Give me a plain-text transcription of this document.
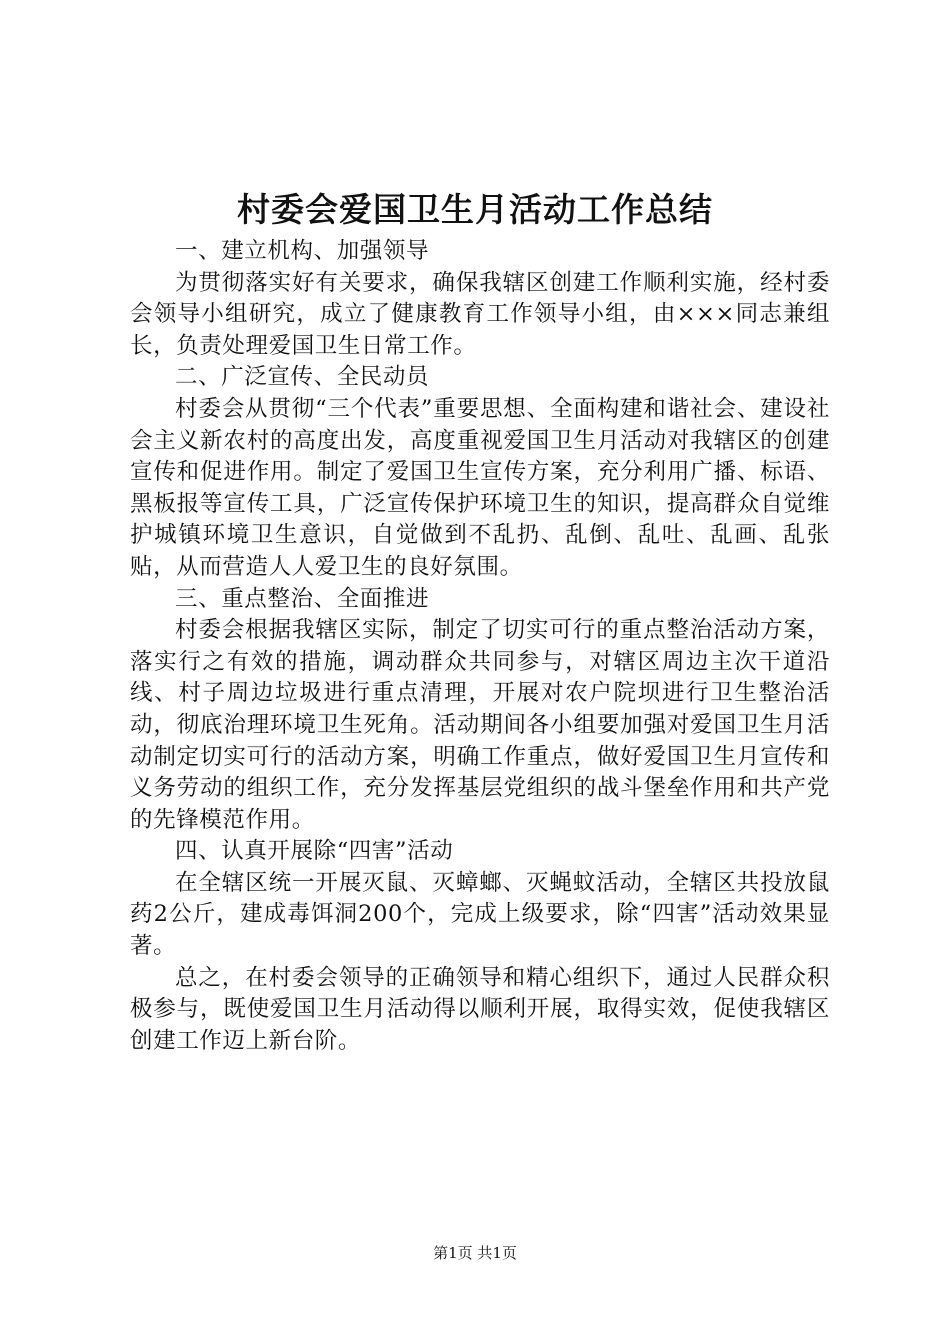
村委会爱国卫生月活动工作总结

一、建立机构、加强领导

为贯彻落实好有关要求，确保我辖区创建工作顺利实施，经村委会领导小组研究，成立了健康教育工作领导小组，由×××同志兼组长，负责处理爱国卫生日常工作。

二、广泛宣传、全民动员

村委会从贯彻“三个代表”重要思想、全面构建和谐社会、建设社会主义新农村的高度出发，高度重视爱国卫生月活动对我辖区的创建宣传和促进作用。制定了爱国卫生宣传方案，充分利用广播、标语、黑板报等宣传工具，广泛宣传保护环境卫生的知识，提高群众自觉维护城镇环境卫生意识，自觉做到不乱扔、乱倒、乱吐、乱画、乱张贴，从而营造人人爱卫生的良好氛围。

三、重点整治、全面推进

村委会根据我辖区实际，制定了切实可行的重点整治活动方案，落实行之有效的措施，调动群众共同参与，对辖区周边主次干道沿线、村子周边垃圾进行重点清理，开展对农户院坝进行卫生整治活动，彻底治理环境卫生死角。活动期间各小组要加强对爱国卫生月活动制定切实可行的活动方案，明确工作重点，做好爱国卫生月宣传和义务劳动的组织工作，充分发挥基层党组织的战斗堡垒作用和共产党的先锋模范作用。

四、认真开展除“四害”活动

在全辖区统一开展灭鼠、灭蟑螂、灭蝇蚊活动，全辖区共投放鼠药2公斤，建成毒饵洞200个，完成上级要求，除“四害”活动效果显著。

总之，在村委会领导的正确领导和精心组织下，通过人民群众积极参与，既使爱国卫生月活动得以顺利开展，取得实效，促使我辖区创建工作迈上新台阶。

第1页 共1页
